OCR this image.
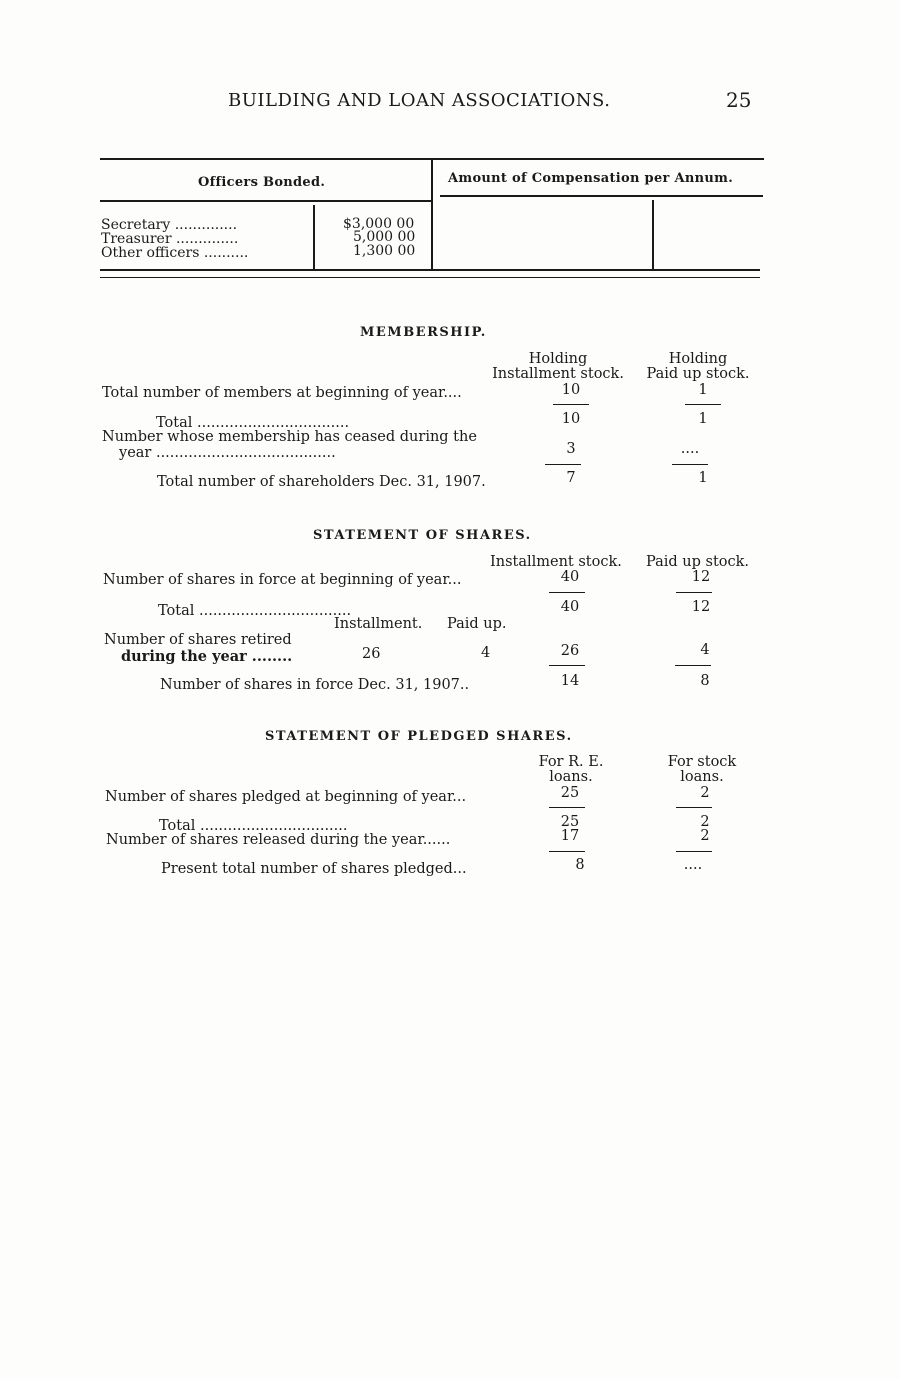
BUILDING AND LOAN ASSOCIATIONS.	25
Officers Bonded.	Amount of Compensation per Annum.
Secretary ..............	$3,000 00
Treasurer ..............	5,000 00
Other officers ..........	1,300 00
MEMBERSHIP.
Holding
Installment stock.
Holding
Paid up stock.
Total number of members at beginning of year....	10	1
Total .................................	10	1
Number whose membership has ceased during the
year .......................................	3	....
Total number of shareholders Dec. 31, 1907.	7	1
STATEMENT OF SHARES.
Installment stock. Paid up stock.
Number of shares in force at beginning of year...	40	12
Total .................................	40	12
Installment. Paid up.
Number of shares retired
during the year ........	26	4	26	4
Number of shares in force Dec. 31, 1907..	14	8
STATEMENT OF PLEDGED SHARES.
For R. E.
loans.
For stock
loans.
Number of shares pledged at beginning of year...	25	2
Total ................................	25	2
Number of shares released during the year......	17	2
Present total number of shares pledged...	8	....
